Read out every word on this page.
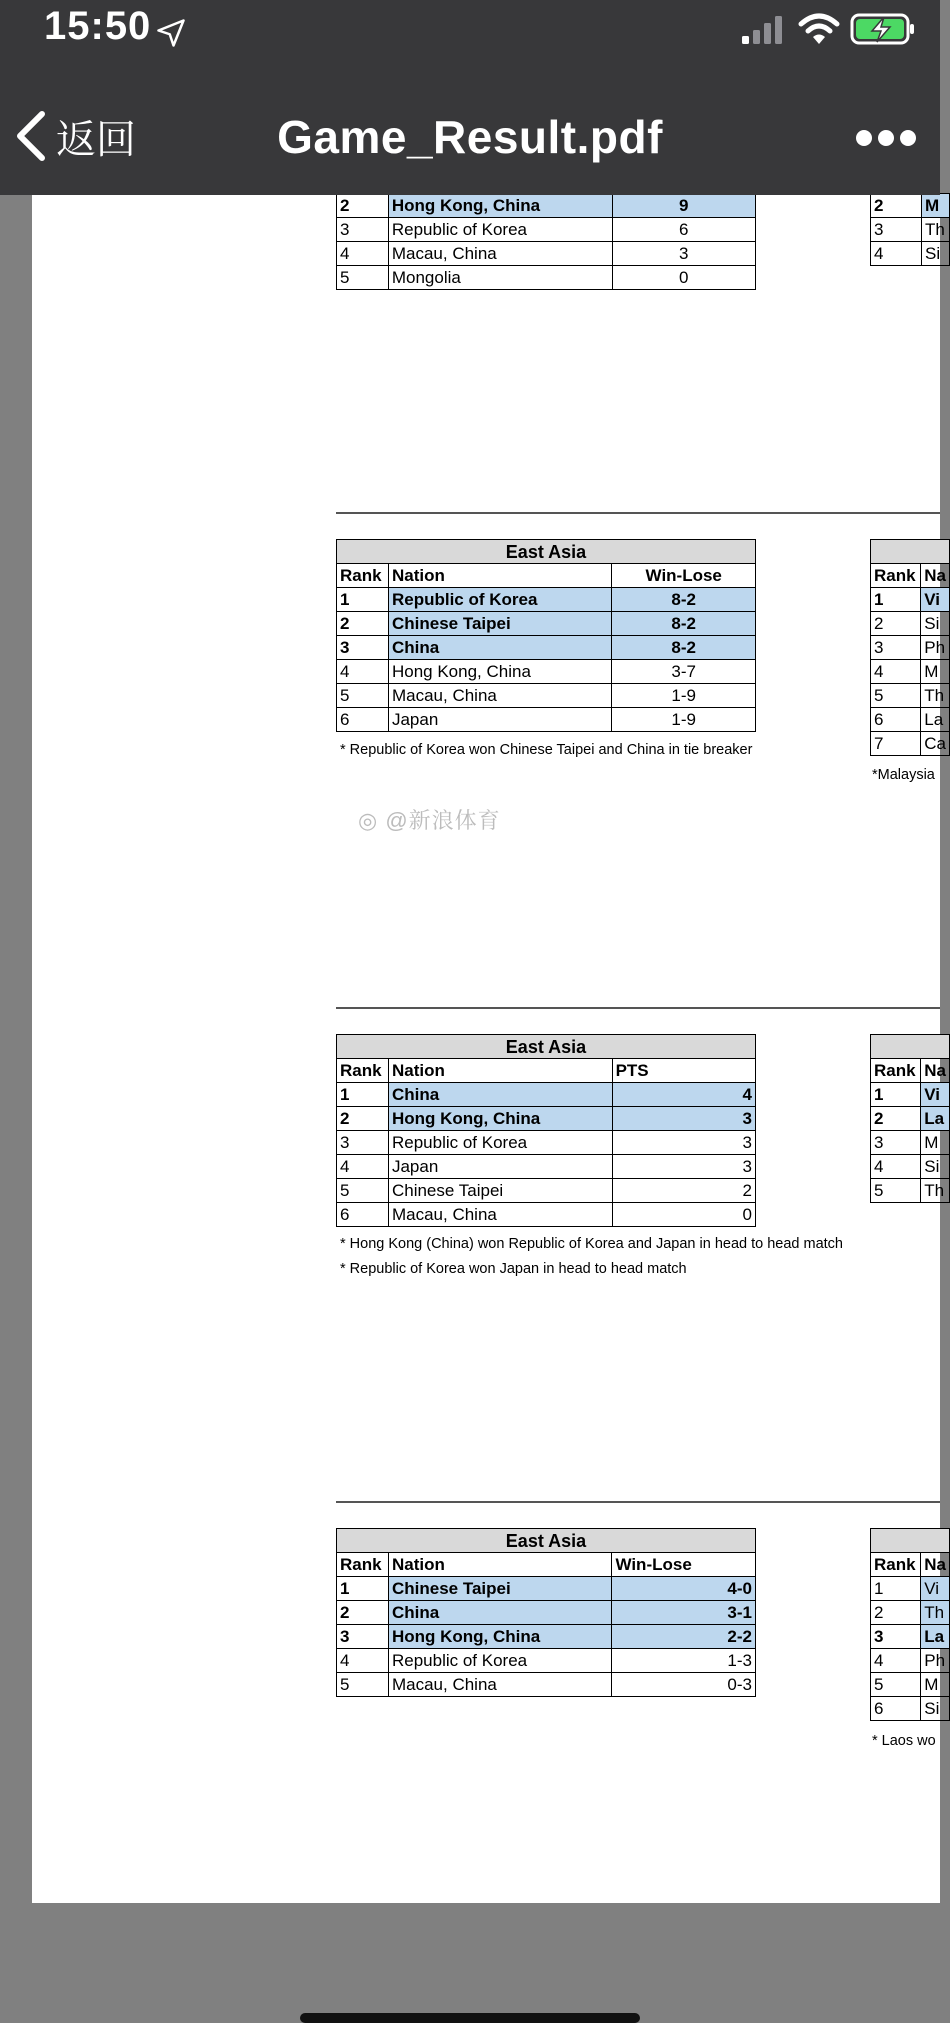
15:50
返回	Game_Result.pdf
2	Hong Kong, China	9
3	Republic of Korea	6
4	Macau, China	3
5	Mongolia	0
2	M
3	Th
4	Si
East Asia		
Rank	Nation	Win-Lose
1	Republic of Korea	8-2
2	Chinese Taipei	8-2
3	China	8-2
4	Hong Kong, China	3-7
5	Macau, China	1-9
6	Japan	1-9
* Republic of Korea won Chinese Taipei and China in tie breaker

Rank	Na
1	Vi
2	Si
3	Ph
4	M
5	Th
6	La
7	Ca
*Malaysia
East Asia		
Rank	Nation	PTS
1	China	4
2	Hong Kong, China	3
3	Republic of Korea	3
4	Japan	3
5	Chinese Taipei	2
6	Macau, China	0
* Hong Kong (China) won Republic of Korea and Japan in head to head match
* Republic of Korea won Japan in head to head match

Rank	Na
1	Vi
2	La
3	M
4	Si
5	Th
East Asia		
Rank	Nation	Win-Lose
1	Chinese Taipei	4-0
2	China	3-1
3	Hong Kong, China	2-2
4	Republic of Korea	1-3
5	Macau, China	0-3

Rank	Na
1	Vi
2	Th
3	La
4	Ph
5	M
6	Si
* Laos wo
◎ @新浪体育
